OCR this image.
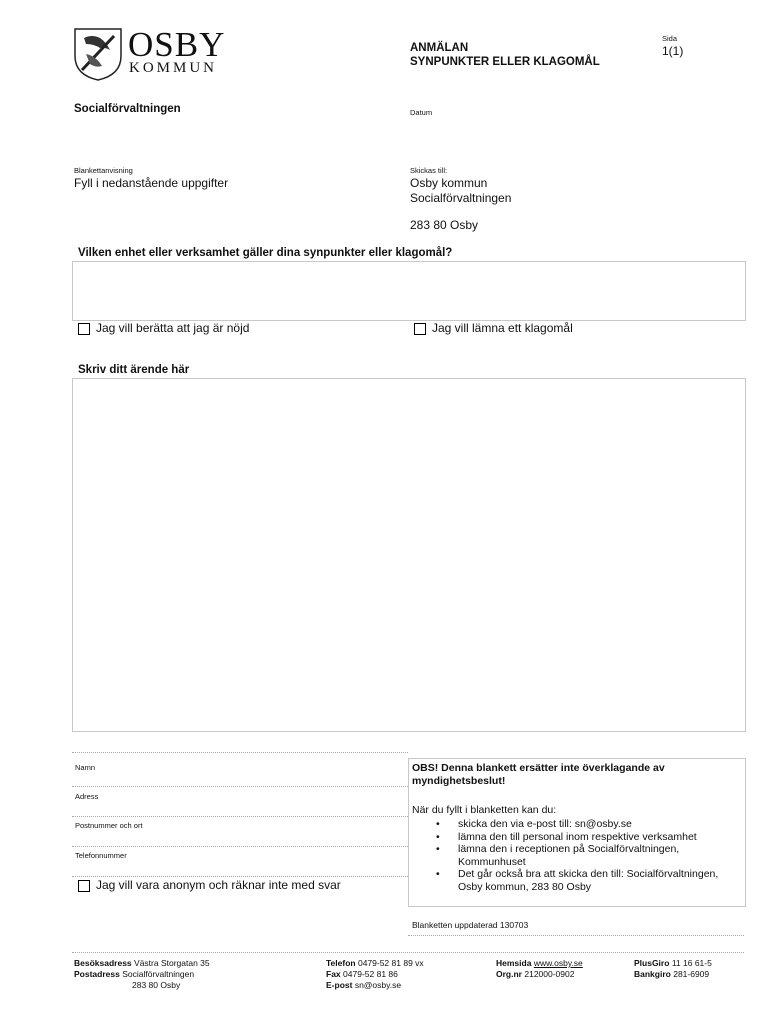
OSBY
KOMMUN
ANMÄLAN
SYNPUNKTER ELLER KLAGOMÅL
Sida
1(1)
Socialförvaltningen	Datum
Blankettanvisning
Fyll i nedanstående uppgifter
Skickas till:
Osby kommun
Socialförvaltningen
283 80 Osby
Vilken enhet eller verksamhet gäller dina synpunkter eller klagomål?
Jag vill berätta att jag är nöjd	Jag vill lämna ett klagomål
Skriv ditt ärende här
Namn
Adress
Postnummer och ort
Telefonnummer
Jag vill vara anonym och räknar inte med svar
OBS! Denna blankett ersätter inte överklagande av
myndighetsbeslut!
När du fyllt i blanketten kan du:
• skicka den via e-post till: sn@osby.se
• lämna den till personal inom respektive verksamhet
• lämna den i receptionen på Socialförvaltningen, Kommunhuset
• Det går också bra att skicka den till: Socialförvaltningen, Osby kommun, 283 80 Osby
Blanketten uppdaterad 130703
Besöksadress Västra Storgatan 35
Postadress Socialförvaltningen
283 80 Osby
Telefon 0479-52 81 89 vx
Fax 0479-52 81 86
E-post sn@osby.se
Hemsida www.osby.se
Org.nr 212000-0902
PlusGiro 11 16 61-5
Bankgiro 281-6909
